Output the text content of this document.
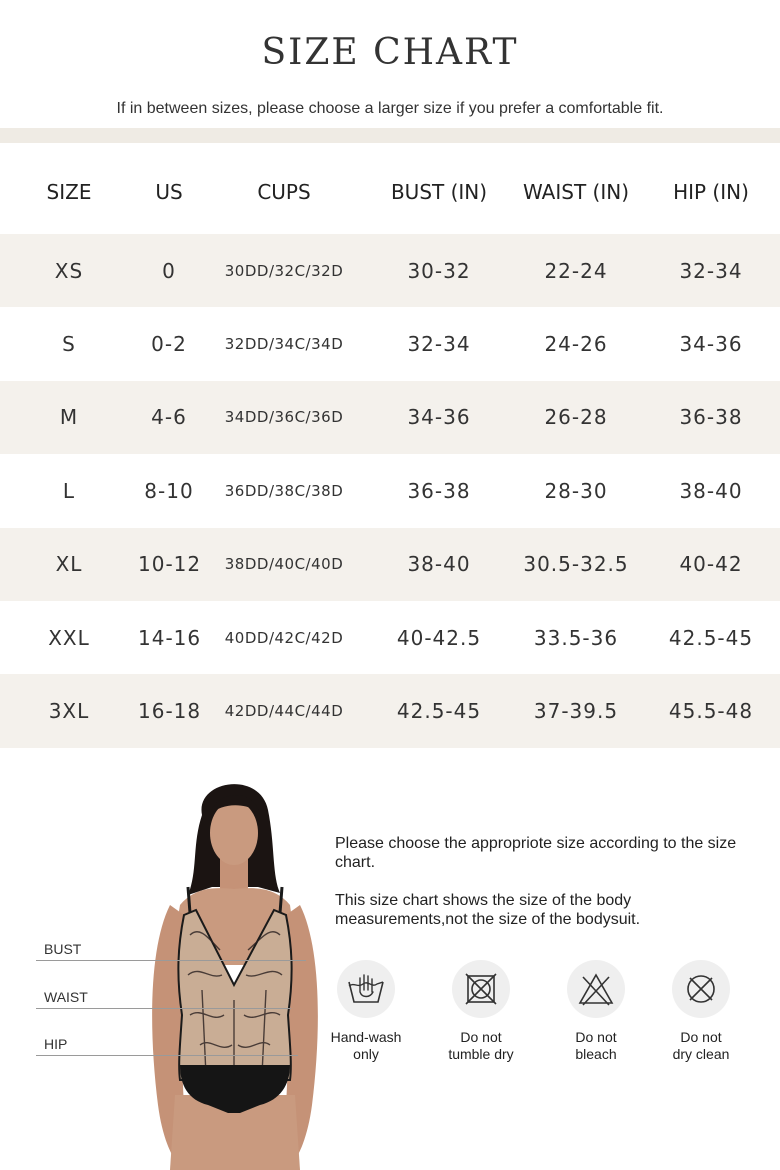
SIZE CHART
If in between sizes, please choose a larger size if you prefer a comfortable fit.
SIZE	US	CUPS	BUST (IN)	WAIST (IN)	HIP (IN)
XS	0	30DD/32C/32D	30-32	22-24	32-34
S	0-2	32DD/34C/34D	32-34	24-26	34-36
M	4-6	34DD/36C/36D	34-36	26-28	36-38
L	8-10	36DD/38C/38D	36-38	28-30	38-40
XL	10-12	38DD/40C/40D	38-40	30.5-32.5	40-42
XXL	14-16	40DD/42C/42D	40-42.5	33.5-36	42.5-45
3XL	16-18	42DD/44C/44D	42.5-45	37-39.5	45.5-48
BUST
WAIST
HIP
Please choose the appropriote size according to the size chart.
This size chart shows the size of the body measurements,not the size of the bodysuit.
Hand-wash
only
Do not
tumble dry
Do not
bleach
Do not
dry clean
